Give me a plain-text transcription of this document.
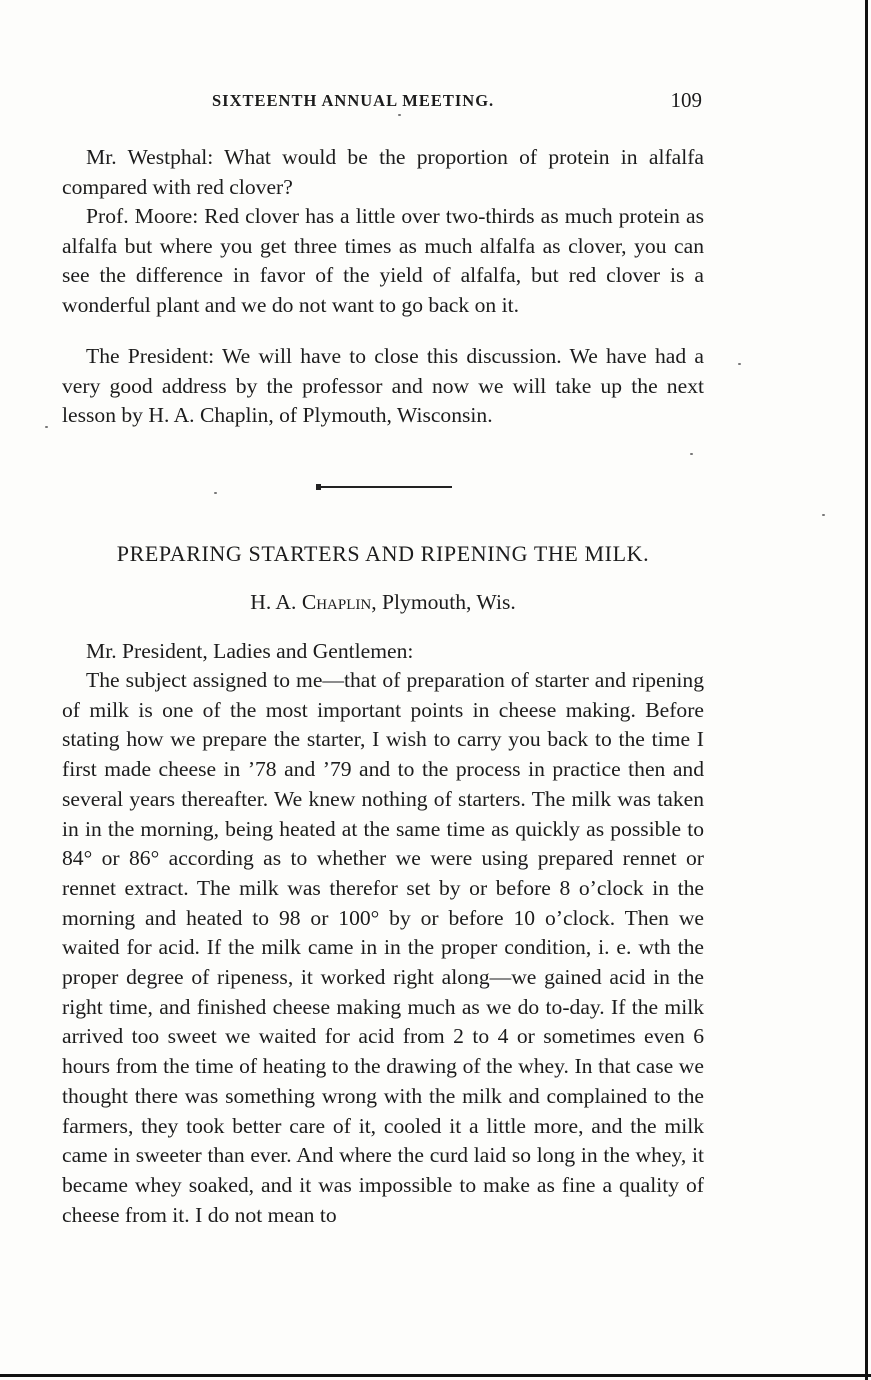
SIXTEENTH ANNUAL MEETING.	109

Mr. Westphal: What would be the proportion of protein in alfalfa compared with red clover?

Prof. Moore: Red clover has a little over two-thirds as much protein as alfalfa but where you get three times as much alfalfa as clover, you can see the difference in favor of the yield of alfalfa, but red clover is a wonderful plant and we do not want to go back on it.

The President: We will have to close this discussion. We have had a very good address by the professor and now we will take up the next lesson by H. A. Chaplin, of Plymouth, Wisconsin.

PREPARING STARTERS AND RIPENING THE MILK.
H. A. Chaplin, Plymouth, Wis.

Mr. President, Ladies and Gentlemen:

The subject assigned to me—that of preparation of starter and ripening of milk is one of the most important points in cheese making. Before stating how we prepare the starter, I wish to carry you back to the time I first made cheese in ’78 and ’79 and to the process in practice then and several years thereafter. We knew nothing of starters. The milk was taken in in the morning, being heated at the same time as quickly as possible to 84° or 86° according as to whether we were using prepared rennet or rennet extract. The milk was therefor set by or before 8 o’clock in the morning and heated to 98 or 100° by or before 10 o’clock. Then we waited for acid. If the milk came in in the proper condition, i. e. wth the proper degree of ripeness, it worked right along—we gained acid in the right time, and finished cheese making much as we do to-day. If the milk arrived too sweet we waited for acid from 2 to 4 or sometimes even 6 hours from the time of heating to the drawing of the whey. In that case we thought there was something wrong with the milk and complained to the farmers, they took better care of it, cooled it a little more, and the milk came in sweeter than ever. And where the curd laid so long in the whey, it became whey soaked, and it was impossible to make as fine a quality of cheese from it. I do not mean to
